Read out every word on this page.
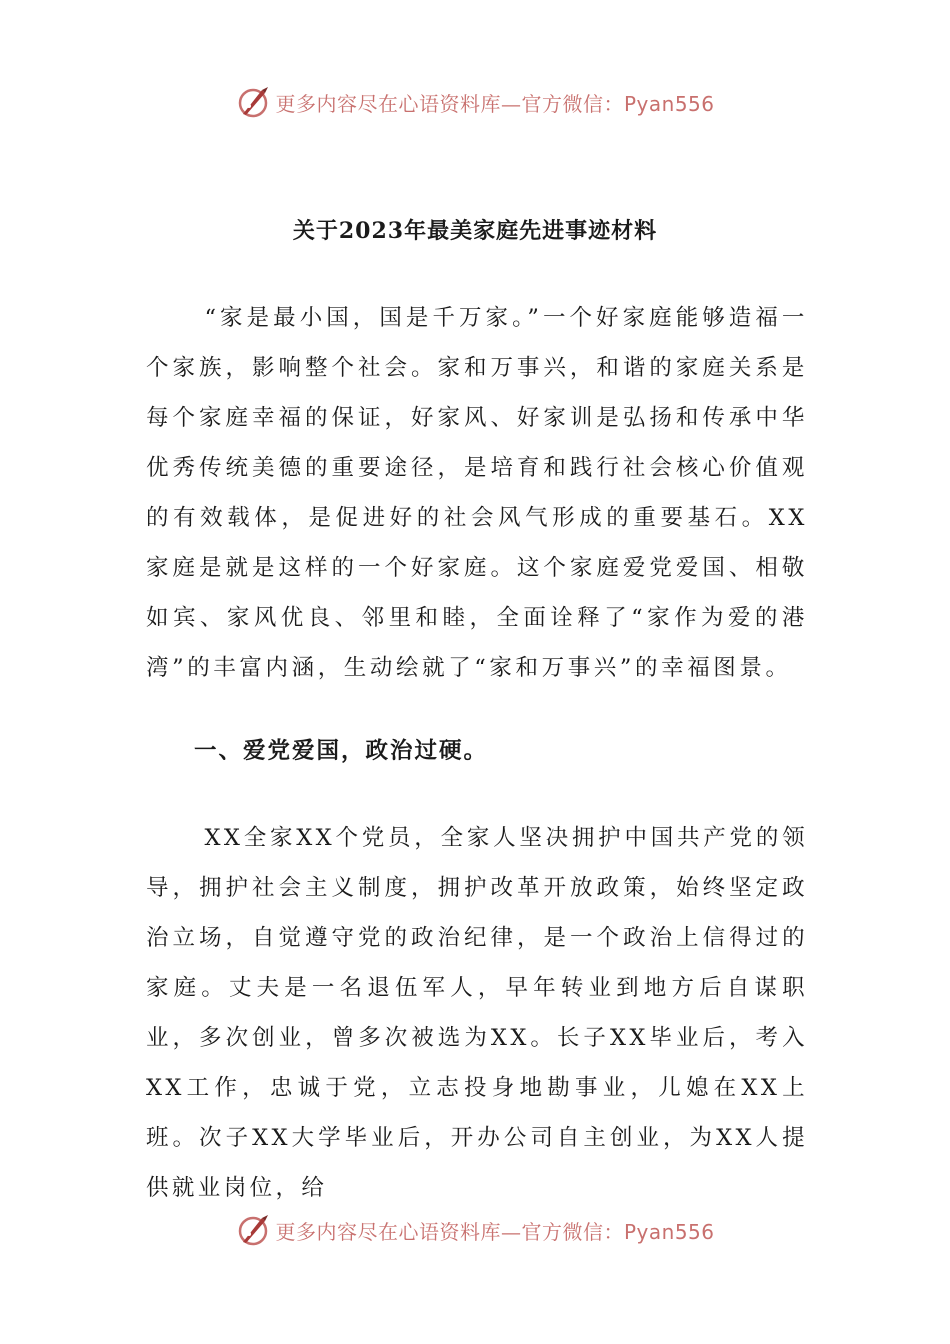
更多内容尽在心语资料库—官方微信：Pyan556
关于2023年最美家庭先进事迹材料

“家是最小国，国是千万家。”一个好家庭能够造福一个家族，影响整个社会。家和万事兴，和谐的家庭关系是每个家庭幸福的保证，好家风、好家训是弘扬和传承中华优秀传统美德的重要途径，是培育和践行社会核心价值观的有效载体，是促进好的社会风气形成的重要基石。XX家庭是就是这样的一个好家庭。这个家庭爱党爱国、相敬如宾、家风优良、邻里和睦，全面诠释了“家作为爱的港湾”的丰富内涵，生动绘就了“家和万事兴”的幸福图景。

一、爱党爱国，政治过硬。

XX全家XX个党员，全家人坚决拥护中国共产党的领导，拥护社会主义制度，拥护改革开放政策，始终坚定政治立场，自觉遵守党的政治纪律，是一个政治上信得过的家庭。丈夫是一名退伍军人，早年转业到地方后自谋职业，多次创业，曾多次被选为XX。长子XX毕业后，考入XX工作，忠诚于党，立志投身地勘事业，儿媳在XX上班。次子XX大学毕业后，开办公司自主创业，为XX人提供就业岗位，给

更多内容尽在心语资料库—官方微信：Pyan556
